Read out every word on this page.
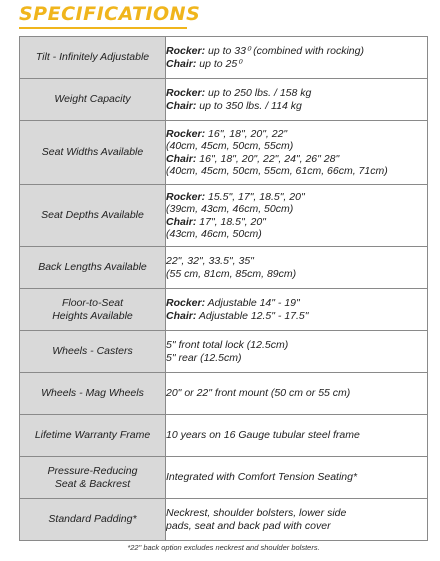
SPECIFICATIONS
Tilt - Infinitely Adjustable	Rocker: up to 33⁰ (combined with rocking)
Chair: up to 25⁰

Weight Capacity	Rocker: up to 250 lbs. / 158 kg
Chair: up to 350 lbs. / 114 kg

Seat Widths Available	Rocker: 16", 18", 20", 22"
(40cm, 45cm, 50cm, 55cm)
Chair: 16", 18", 20", 22", 24", 26" 28"
(40cm, 45cm, 50cm, 55cm, 61cm, 66cm, 71cm)

Seat Depths Available	Rocker: 15.5", 17", 18.5", 20"
(39cm, 43cm, 46cm, 50cm)
Chair: 17", 18.5", 20"
(43cm, 46cm, 50cm)

Back Lengths Available	22", 32", 33.5", 35"
(55 cm, 81cm, 85cm, 89cm)

Floor-to-Seat
Heights Available	Rocker: Adjustable 14" - 19"
Chair: Adjustable 12.5" - 17.5"

Wheels - Casters	5" front total lock (12.5cm)
5" rear (12.5cm)

Wheels - Mag Wheels	20" or 22" front mount (50 cm or 55 cm)

Lifetime Warranty Frame	10 years on 16 Gauge tubular steel frame

Pressure-Reducing
Seat & Backrest	Integrated with Comfort Tension Seating*

Standard Padding*	Neckrest, shoulder bolsters, lower side
pads, seat and back pad with cover
*22" back option excludes neckrest and shoulder bolsters.
